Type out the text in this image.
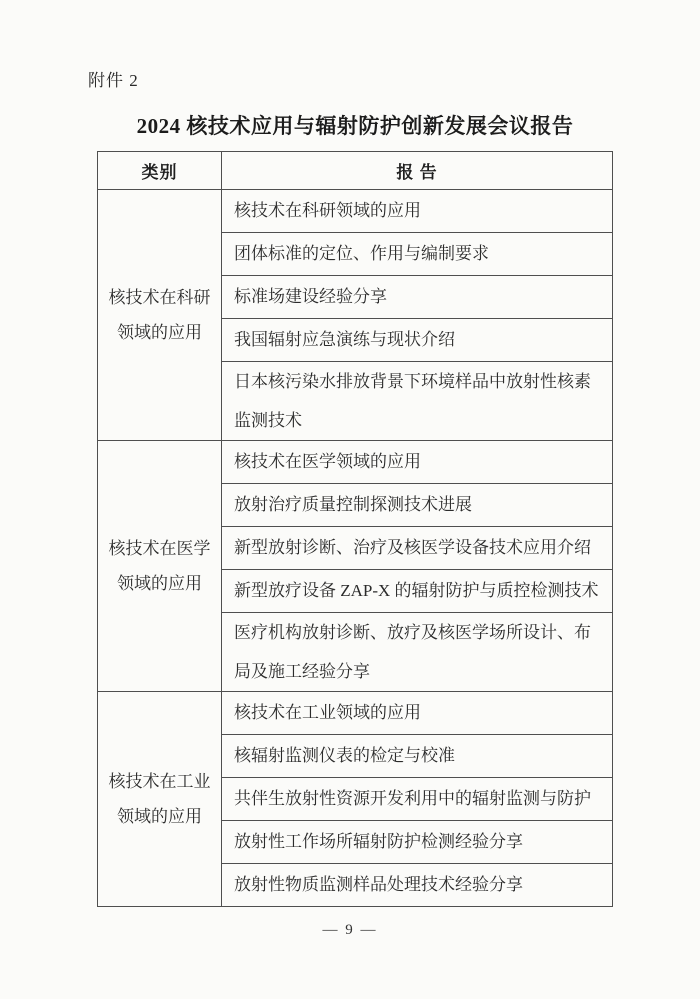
附件 2
2024 核技术应用与辐射防护创新发展会议报告
类别	报 告
核技术在科研领域的应用	核技术在科研领域的应用
	团体标准的定位、作用与编制要求
	标准场建设经验分享
	我国辐射应急演练与现状介绍
	日本核污染水排放背景下环境样品中放射性核素监测技术
核技术在医学领域的应用	核技术在医学领域的应用
	放射治疗质量控制探测技术进展
	新型放射诊断、治疗及核医学设备技术应用介绍
	新型放疗设备 ZAP-X 的辐射防护与质控检测技术
	医疗机构放射诊断、放疗及核医学场所设计、布局及施工经验分享
核技术在工业领域的应用	核技术在工业领域的应用
	核辐射监测仪表的检定与校准
	共伴生放射性资源开发利用中的辐射监测与防护
	放射性工作场所辐射防护检测经验分享
	放射性物质监测样品处理技术经验分享
— 9 —
